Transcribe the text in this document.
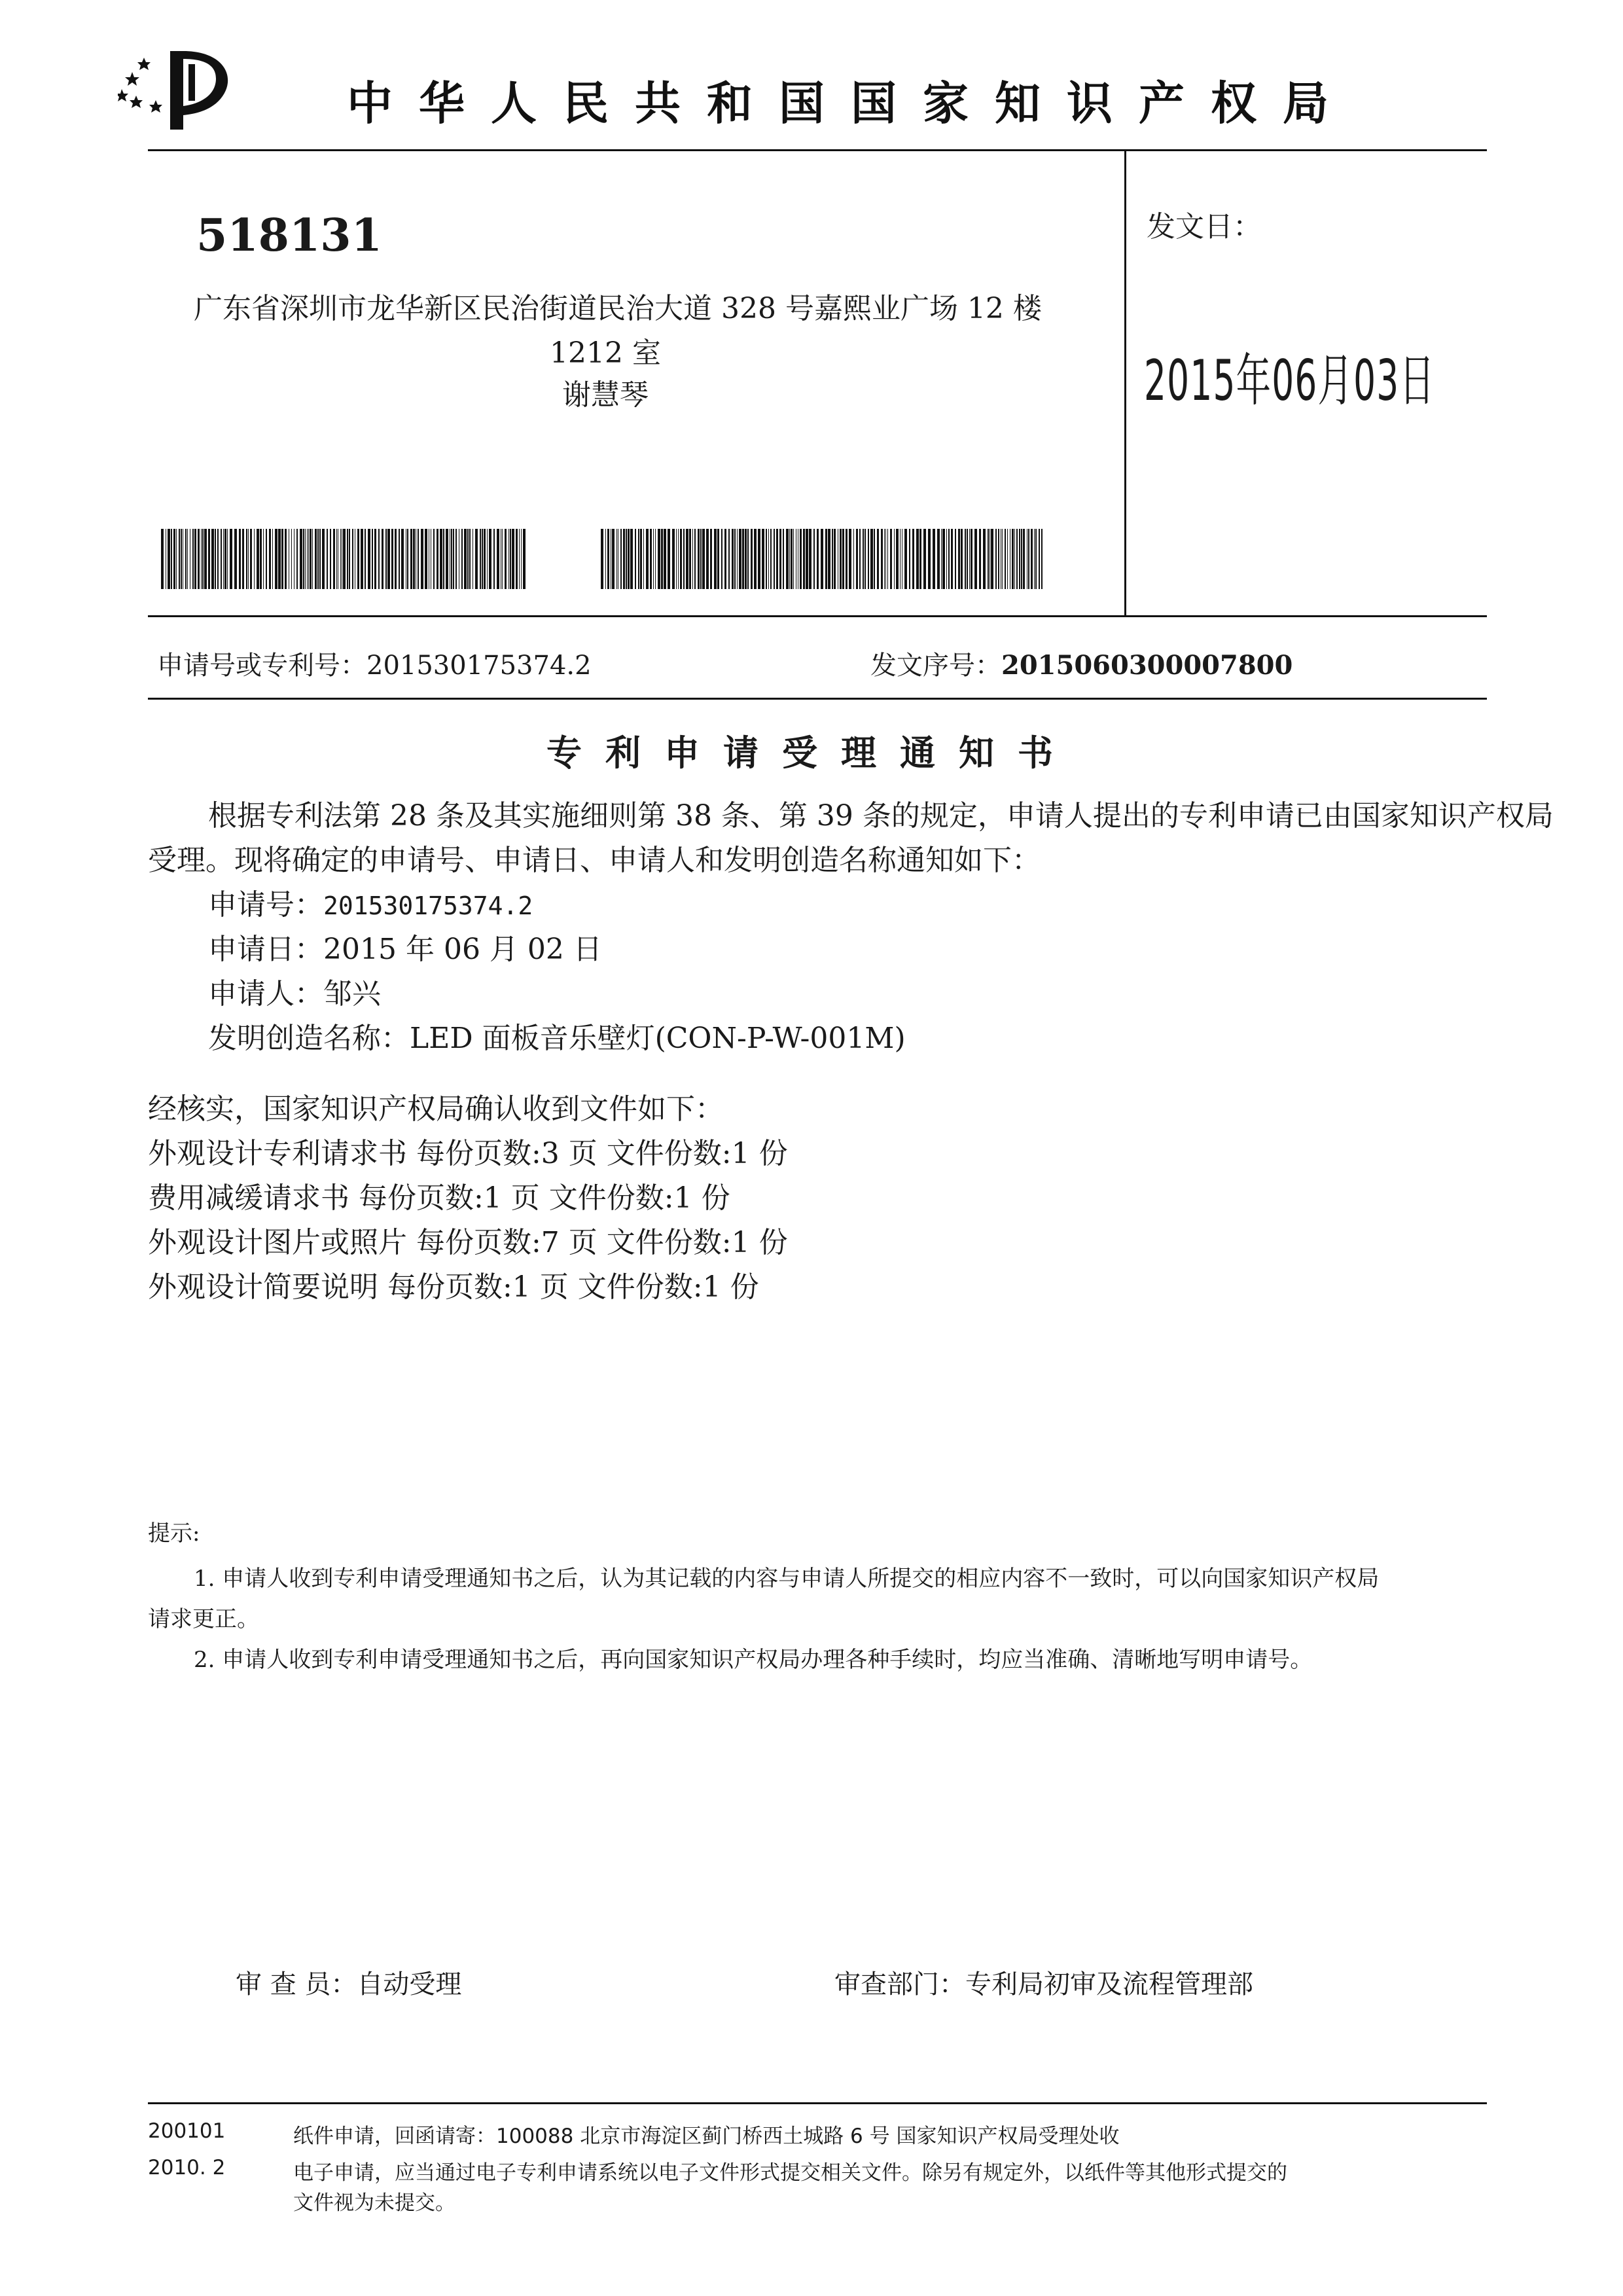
中华人民共和国国家知识产权局
518131
广东省深圳市龙华新区民治街道民治大道 328 号嘉熙业广场 12 楼
1212 室
谢慧琴
发文日：
2015年06月03日
申请号或专利号：201530175374.2	发文序号：2015060300007800
专利申请受理通知书
根据专利法第 28 条及其实施细则第 38 条、第 39 条的规定，申请人提出的专利申请已由国家知识产权局
受理。现将确定的申请号、申请日、申请人和发明创造名称通知如下：
申请号：201530175374.2
申请日：2015 年 06 月 02 日
申请人：邹兴
发明创造名称：LED 面板音乐壁灯(CON-P-W-001M)
经核实，国家知识产权局确认收到文件如下：
外观设计专利请求书 每份页数:3 页 文件份数:1 份
费用减缓请求书 每份页数:1 页 文件份数:1 份
外观设计图片或照片 每份页数:7 页 文件份数:1 份
外观设计简要说明 每份页数:1 页 文件份数:1 份
提示:
1. 申请人收到专利申请受理通知书之后，认为其记载的内容与申请人所提交的相应内容不一致时，可以向国家知识产权局
请求更正。
2. 申请人收到专利申请受理通知书之后，再向国家知识产权局办理各种手续时，均应当准确、清晰地写明申请号。
审 查 员：自动受理	审查部门：专利局初审及流程管理部
200101
2010. 2
纸件申请，回函请寄：100088 北京市海淀区蓟门桥西土城路 6 号 国家知识产权局受理处收
电子申请，应当通过电子专利申请系统以电子文件形式提交相关文件。除另有规定外，以纸件等其他形式提交的
文件视为未提交。
